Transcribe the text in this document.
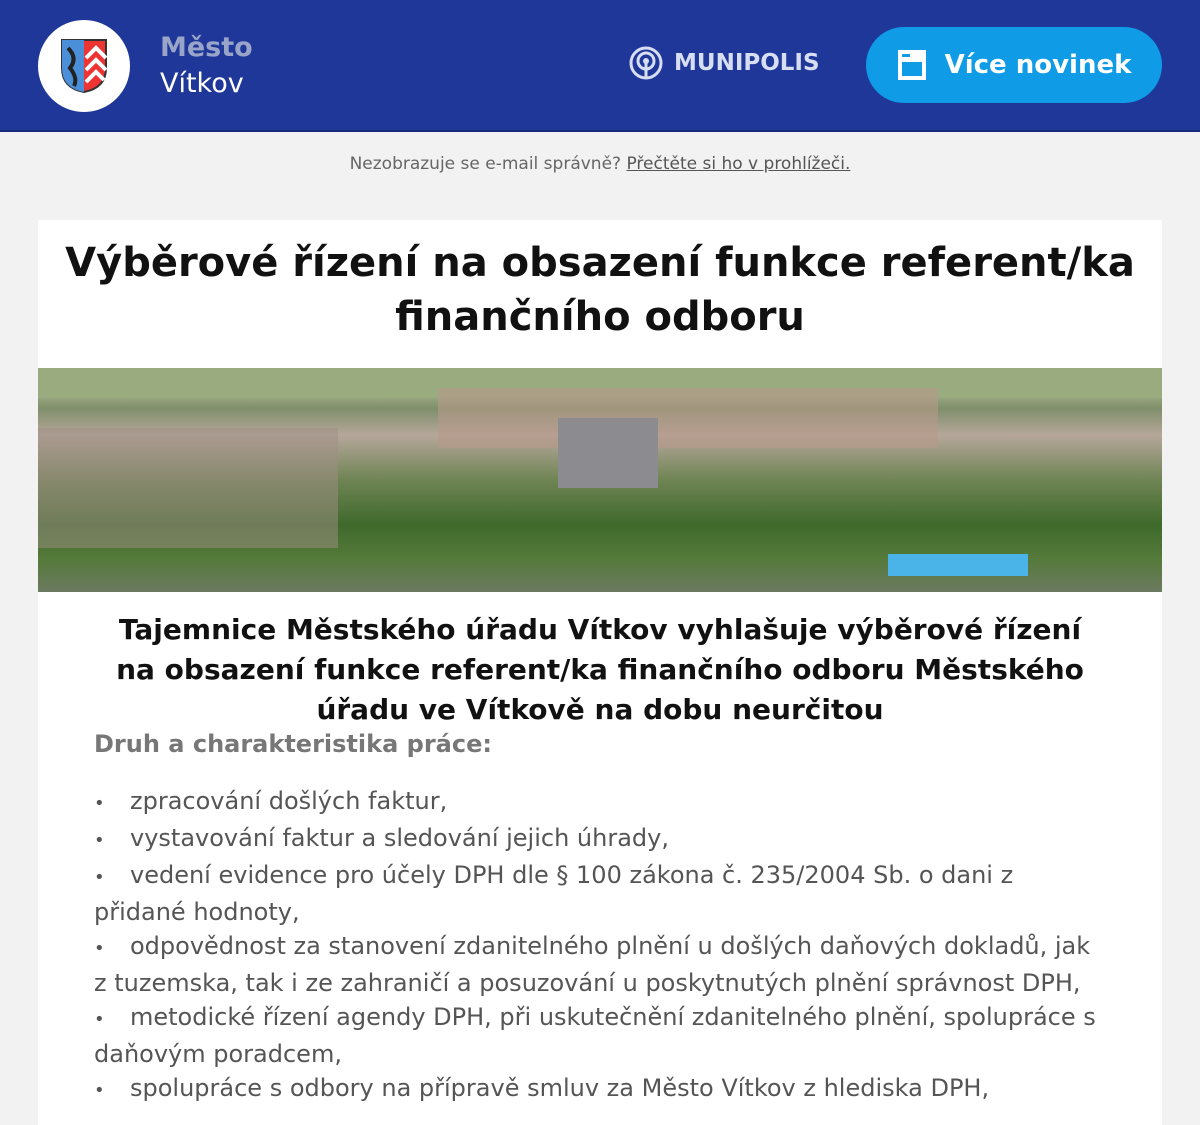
Město
Vítkov
MUNIPOLIS	Více novinek
Nezobrazuje se e-mail správně? Přečtěte si ho v prohlížeči.
Výběrové řízení na obsazení funkce referent/ka finančního odboru
Tajemnice Městského úřadu Vítkov vyhlašuje výběrové řízení na obsazení funkce referent/ka finančního odboru Městského úřadu ve Vítkově na dobu neurčitou
Druh a charakteristika práce:
• zpracování došlých faktur,
• vystavování faktur a sledování jejich úhrady,
• vedení evidence pro účely DPH dle § 100 zákona č. 235/2004 Sb. o dani z přidané hodnoty,
• odpovědnost za stanovení zdanitelného plnění u došlých daňových dokladů, jak z tuzemska, tak i ze zahraničí a posuzování u poskytnutých plnění správnost DPH,
• metodické řízení agendy DPH, při uskutečnění zdanitelného plnění, spolupráce s daňovým poradcem,
• spolupráce s odbory na přípravě smluv za Město Vítkov z hlediska DPH,
